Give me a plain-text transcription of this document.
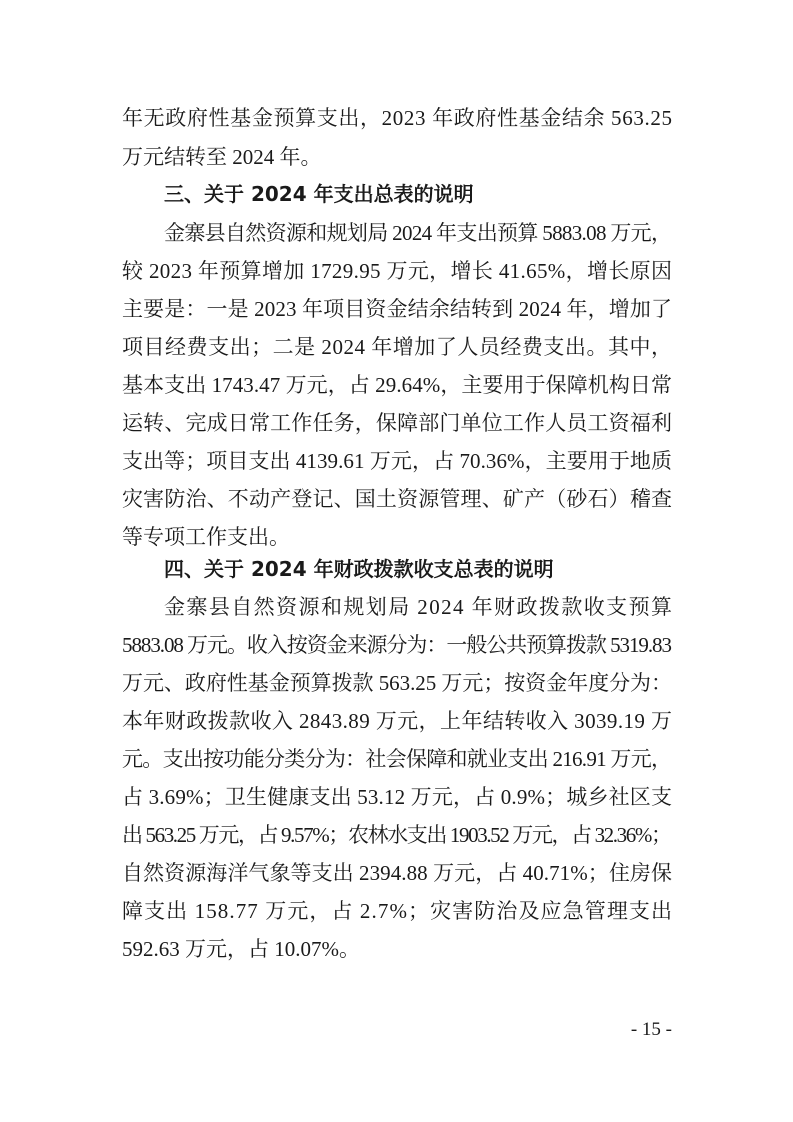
年无政府性基金预算支出，2023 年政府性基金结余 563.25
万元结转至 2024 年。
三、关于 2024 年支出总表的说明
金寨县自然资源和规划局 2024 年支出预算 5883.08 万元，
较 2023 年预算增加 1729.95 万元，增长 41.65%，增长原因
主要是：一是 2023 年项目资金结余结转到 2024 年，增加了
项目经费支出；二是 2024 年增加了人员经费支出。其中，
基本支出 1743.47 万元，占 29.64%，主要用于保障机构日常
运转、完成日常工作任务，保障部门单位工作人员工资福利
支出等；项目支出 4139.61 万元，占 70.36%，主要用于地质
灾害防治、不动产登记、国土资源管理、矿产（砂石）稽查
等专项工作支出。
四、关于 2024 年财政拨款收支总表的说明
金寨县自然资源和规划局 2024 年财政拨款收支预算
5883.08 万元。收入按资金来源分为：一般公共预算拨款 5319.83
万元、政府性基金预算拨款 563.25 万元；按资金年度分为：
本年财政拨款收入 2843.89 万元，上年结转收入 3039.19 万
元。支出按功能分类分为：社会保障和就业支出 216.91 万元，
占 3.69%；卫生健康支出 53.12 万元，占 0.9%；城乡社区支
出 563.25 万元，占 9.57%；农林水支出 1903.52 万元，占 32.36%；
自然资源海洋气象等支出 2394.88 万元，占 40.71%；住房保
障支出 158.77 万元，占 2.7%；灾害防治及应急管理支出
592.63 万元，占 10.07%。
- 15 -
